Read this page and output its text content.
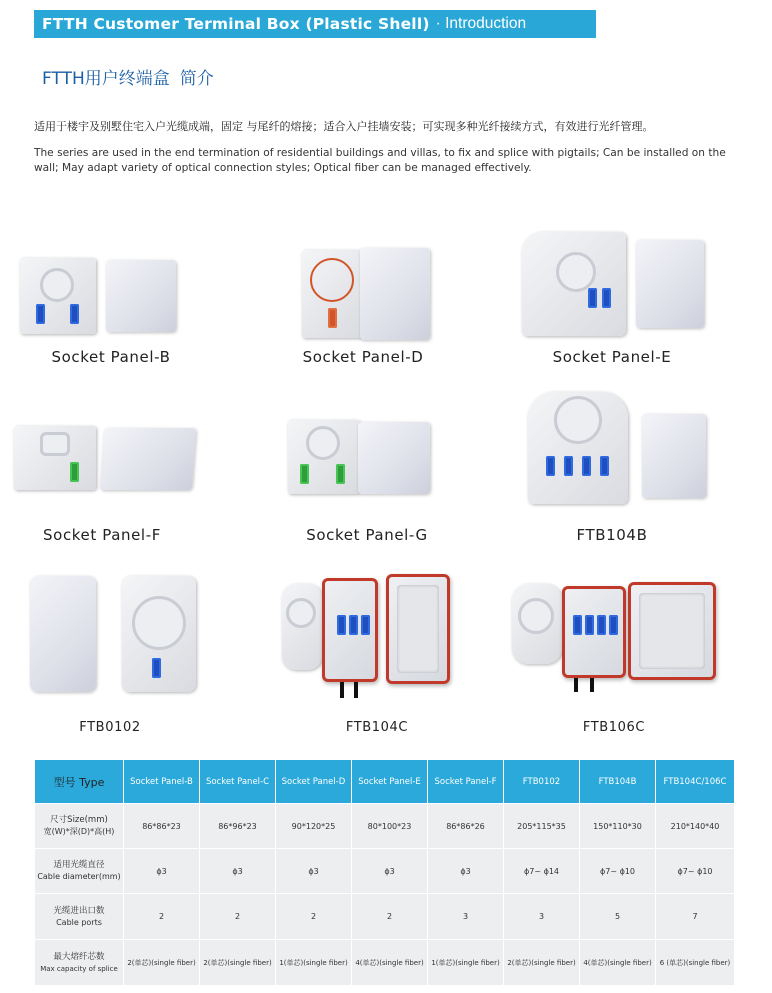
FTTH Customer Terminal Box (Plastic Shell) · Introduction
FTTH用户终端盒 简介
适用于楼宇及别墅住宅入户光缆成端，固定 与尾纤的熔接；适合入户挂墙安装；可实现多种光纤接续方式，有效进行光纤管理。
The series are used in the end termination of residential buildings and villas, to fix and splice with pigtails; Can be installed on the wall; May adapt variety of optical connection styles; Optical fiber can be managed effectively.
Socket Panel-B	Socket Panel-D	Socket Panel-E
Socket Panel-F	Socket Panel-G	FTB104B
FTB0102	FTB104C	FTB106C
型号 Type	Socket Panel-B	Socket Panel-C	Socket Panel-D	Socket Panel-E	Socket Panel-F	FTB0102	FTB104B	FTB104C/106C
尺寸Size(mm)
宽(W)*深(D)*高(H)	86*86*23	86*96*23	90*120*25	80*100*23	86*86*26	205*115*35	150*110*30	210*140*40
适用光缆直径
Cable diameter(mm)	ϕ3	ϕ3	ϕ3	ϕ3	ϕ3	ϕ7~ ϕ14	ϕ7~ ϕ10	ϕ7~ ϕ10
光缆进出口数
Cable ports	2	2	2	2	3	3	5	7
最大熔纤芯数
Max capacity of splice	2(单芯)(single fiber)	2(单芯)(single fiber)	1(单芯)(single fiber)	4(单芯)(single fiber)	1(单芯)(single fiber)	2(单芯)(single fiber)	4(单芯)(single fiber)	6 (单芯)(single fiber)
